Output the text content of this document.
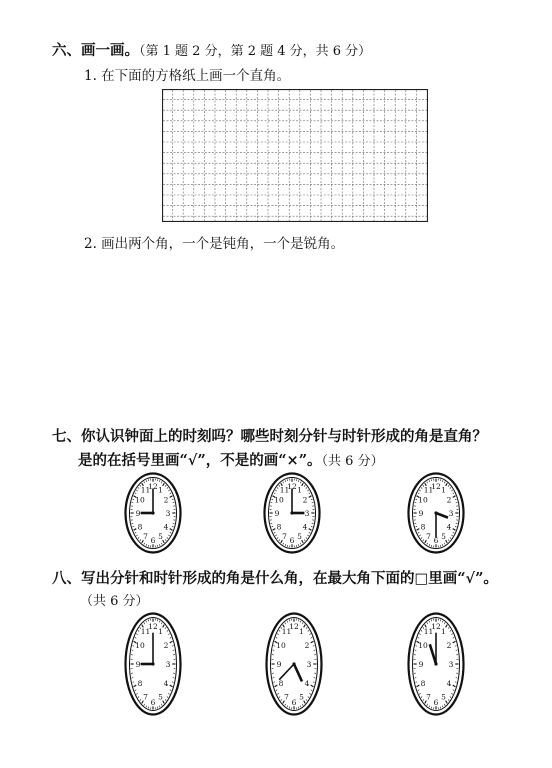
六、画一画。（第 1 题 2 分，第 2 题 4 分，共 6 分）
1. 在下面的方格纸上画一个直角。
2. 画出两个角，一个是钝角，一个是锐角。
七、你认识钟面上的时刻吗？哪些时刻分针与时针形成的角是直角？
是的在括号里画“√”，不是的画“×”。（共 6 分）
1
2
3
4
5
6
7
8
9
10
11
12	1
2
3
4
5
6
7
8
9
10
11
12	1
2
3
4
5
6
7
8
9
10
11
12
八、写出分针和时针形成的角是什么角，在最大角下面的□里画“√”。
（共 6 分）
1
2
3
4
5
6
7
8
9
10
11
12
1
2
3
4
5
6
7
8
9
10
11
12
1
2
3
4
5
6
7
8
9
10
11
12
